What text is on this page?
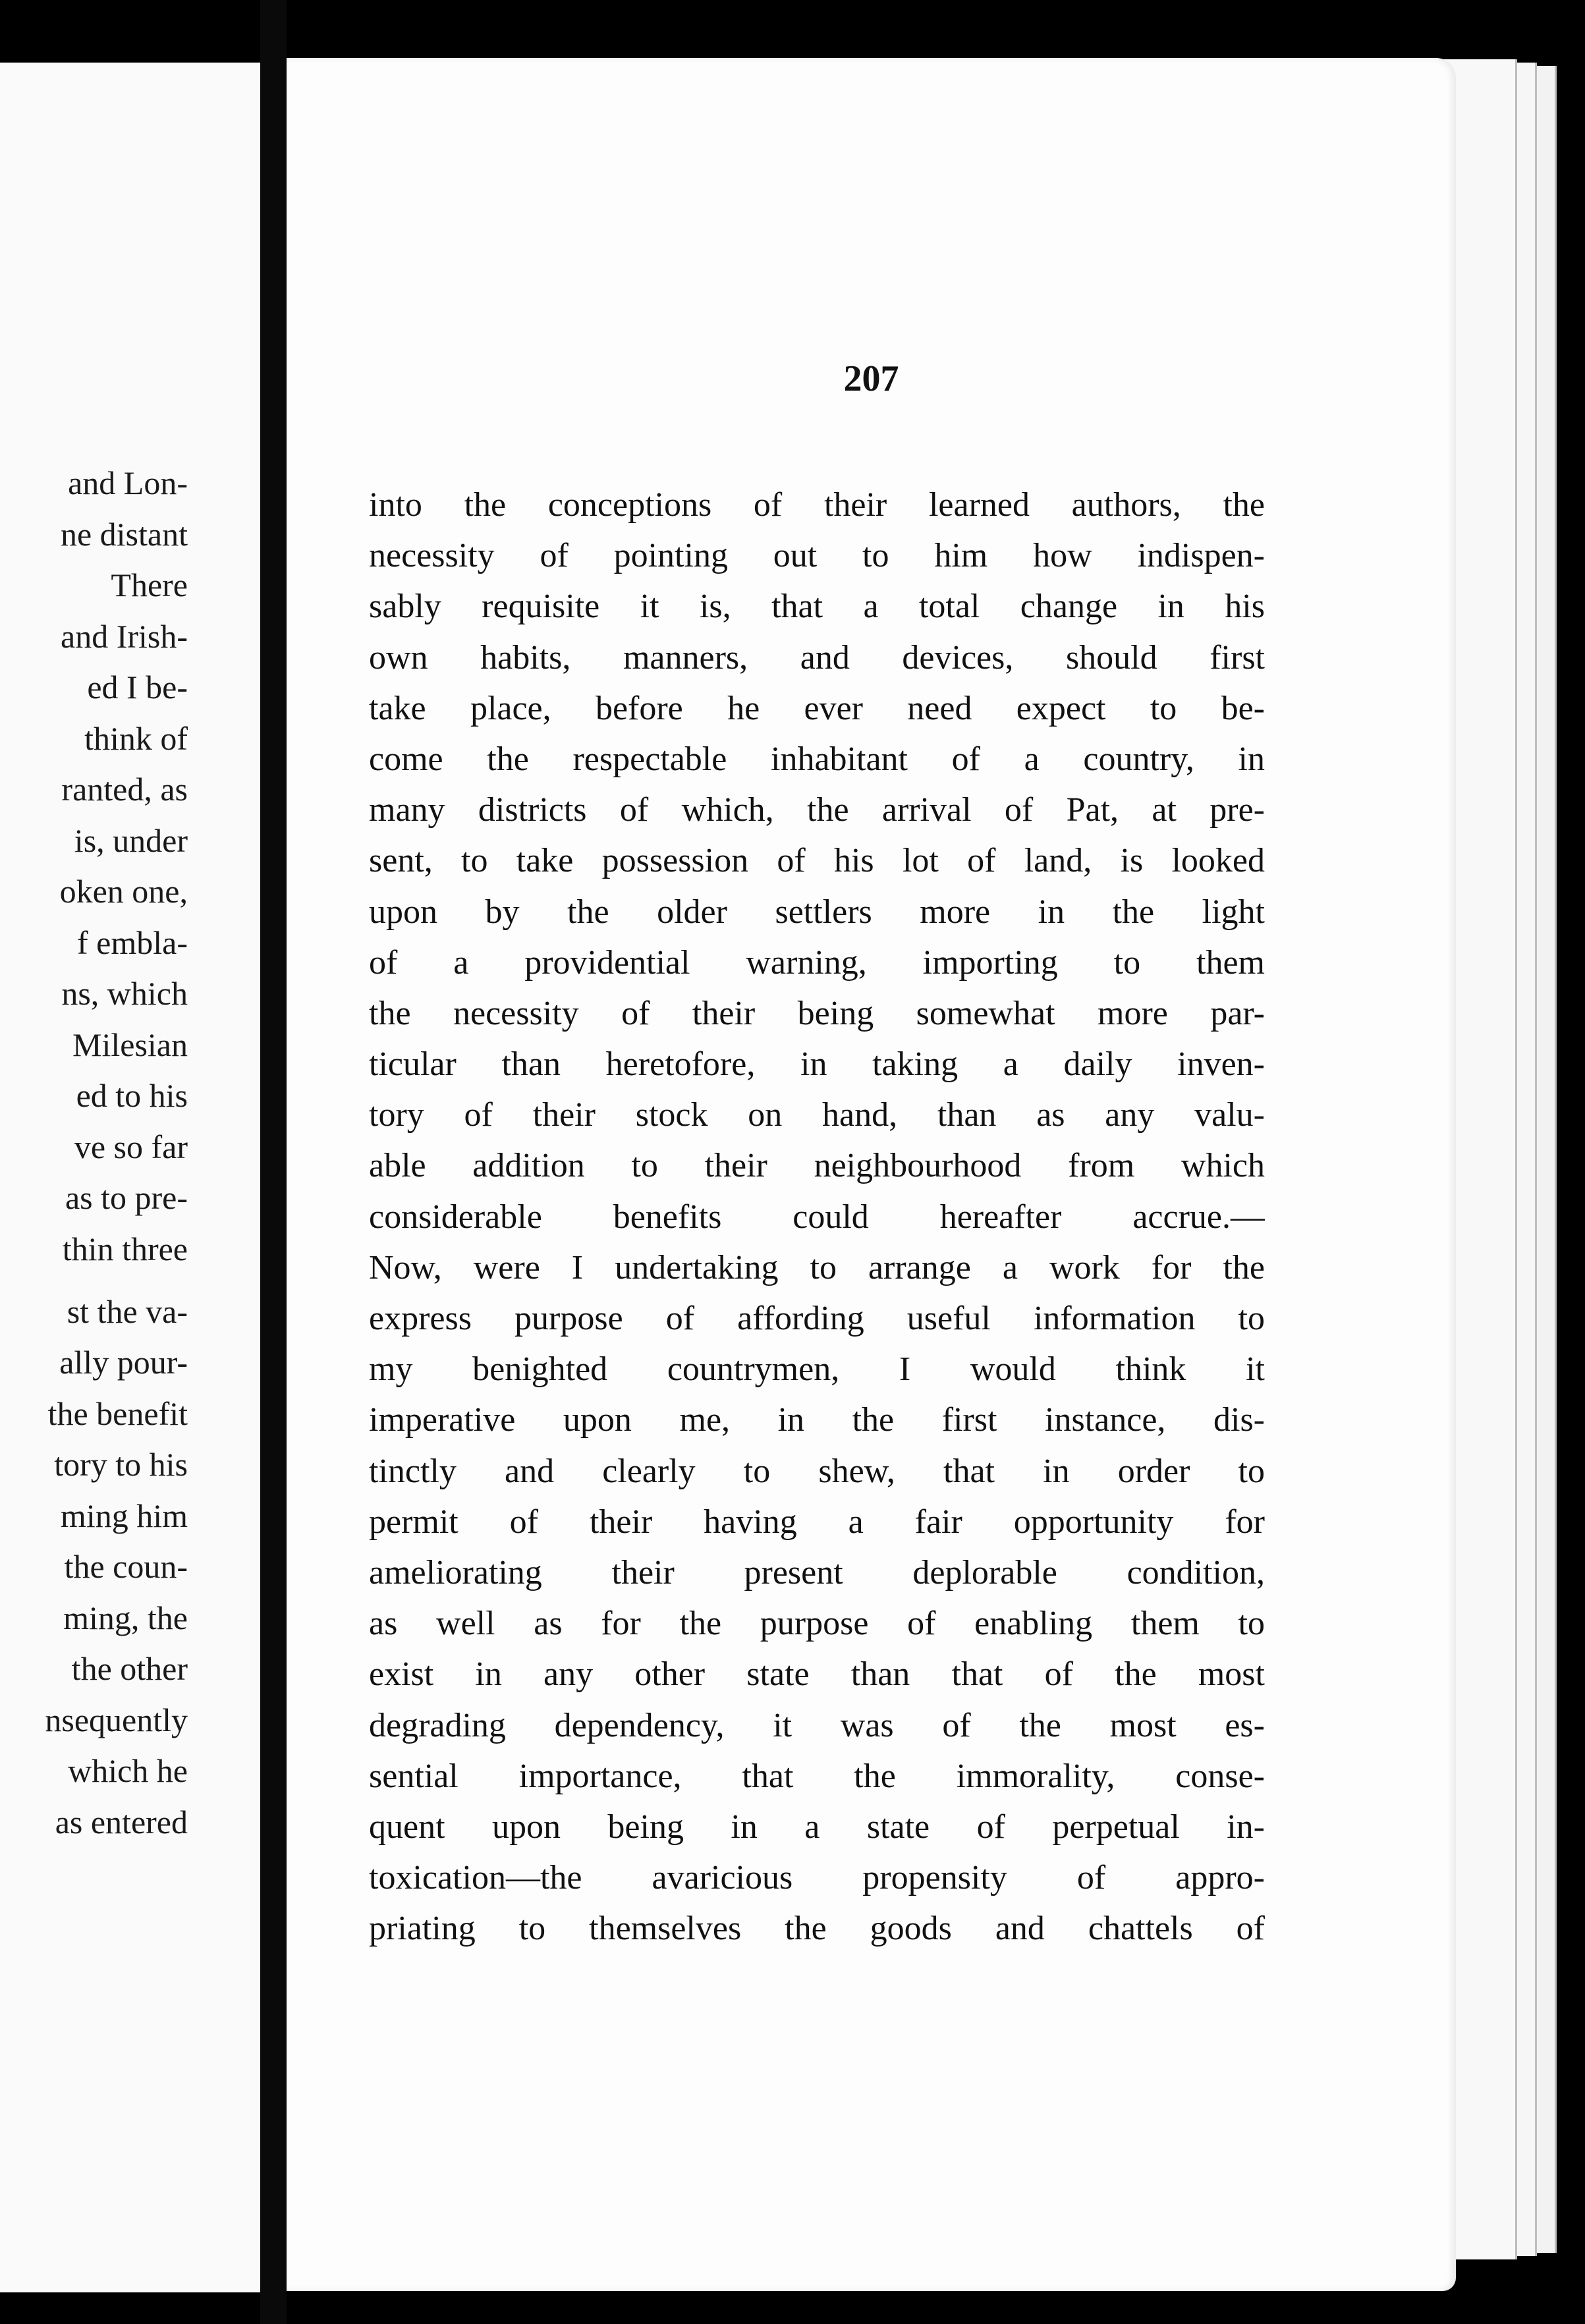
and Lon-
ne distant
There
and Irish-
ed I be-
think of
ranted, as
is, under
oken one,
f embla-
ns, which
Milesian
ed to his
ve so far
as to pre-
thin three
st the va-
ally pour-
the benefit
tory to his
ming him
the coun-
ming, the
the other
nsequently
which he
as entered
207
into the conceptions of their learned authors, the
necessity of pointing out to him how indispen-
sably requisite it is, that a total change in his
own habits, manners, and devices, should first
take place, before he ever need expect to be-
come the respectable inhabitant of a country, in
many districts of which, the arrival of Pat, at pre-
sent, to take possession of his lot of land, is looked
upon by the older settlers more in the light
of a providential warning, importing to them
the necessity of their being somewhat more par-
ticular than heretofore, in taking a daily inven-
tory of their stock on hand, than as any valu-
able addition to their neighbourhood from which
considerable benefits could hereafter accrue.—
Now, were I undertaking to arrange a work for the
express purpose of affording useful information to
my benighted countrymen, I would think it
imperative upon me, in the first instance, dis-
tinctly and clearly to shew, that in order to
permit of their having a fair opportunity for
ameliorating their present deplorable condition,
as well as for the purpose of enabling them to
exist in any other state than that of the most
degrading dependency, it was of the most es-
sential importance, that the immorality, conse-
quent upon being in a state of perpetual in-
toxication—the avaricious propensity of appro-
priating to themselves the goods and chattels of
